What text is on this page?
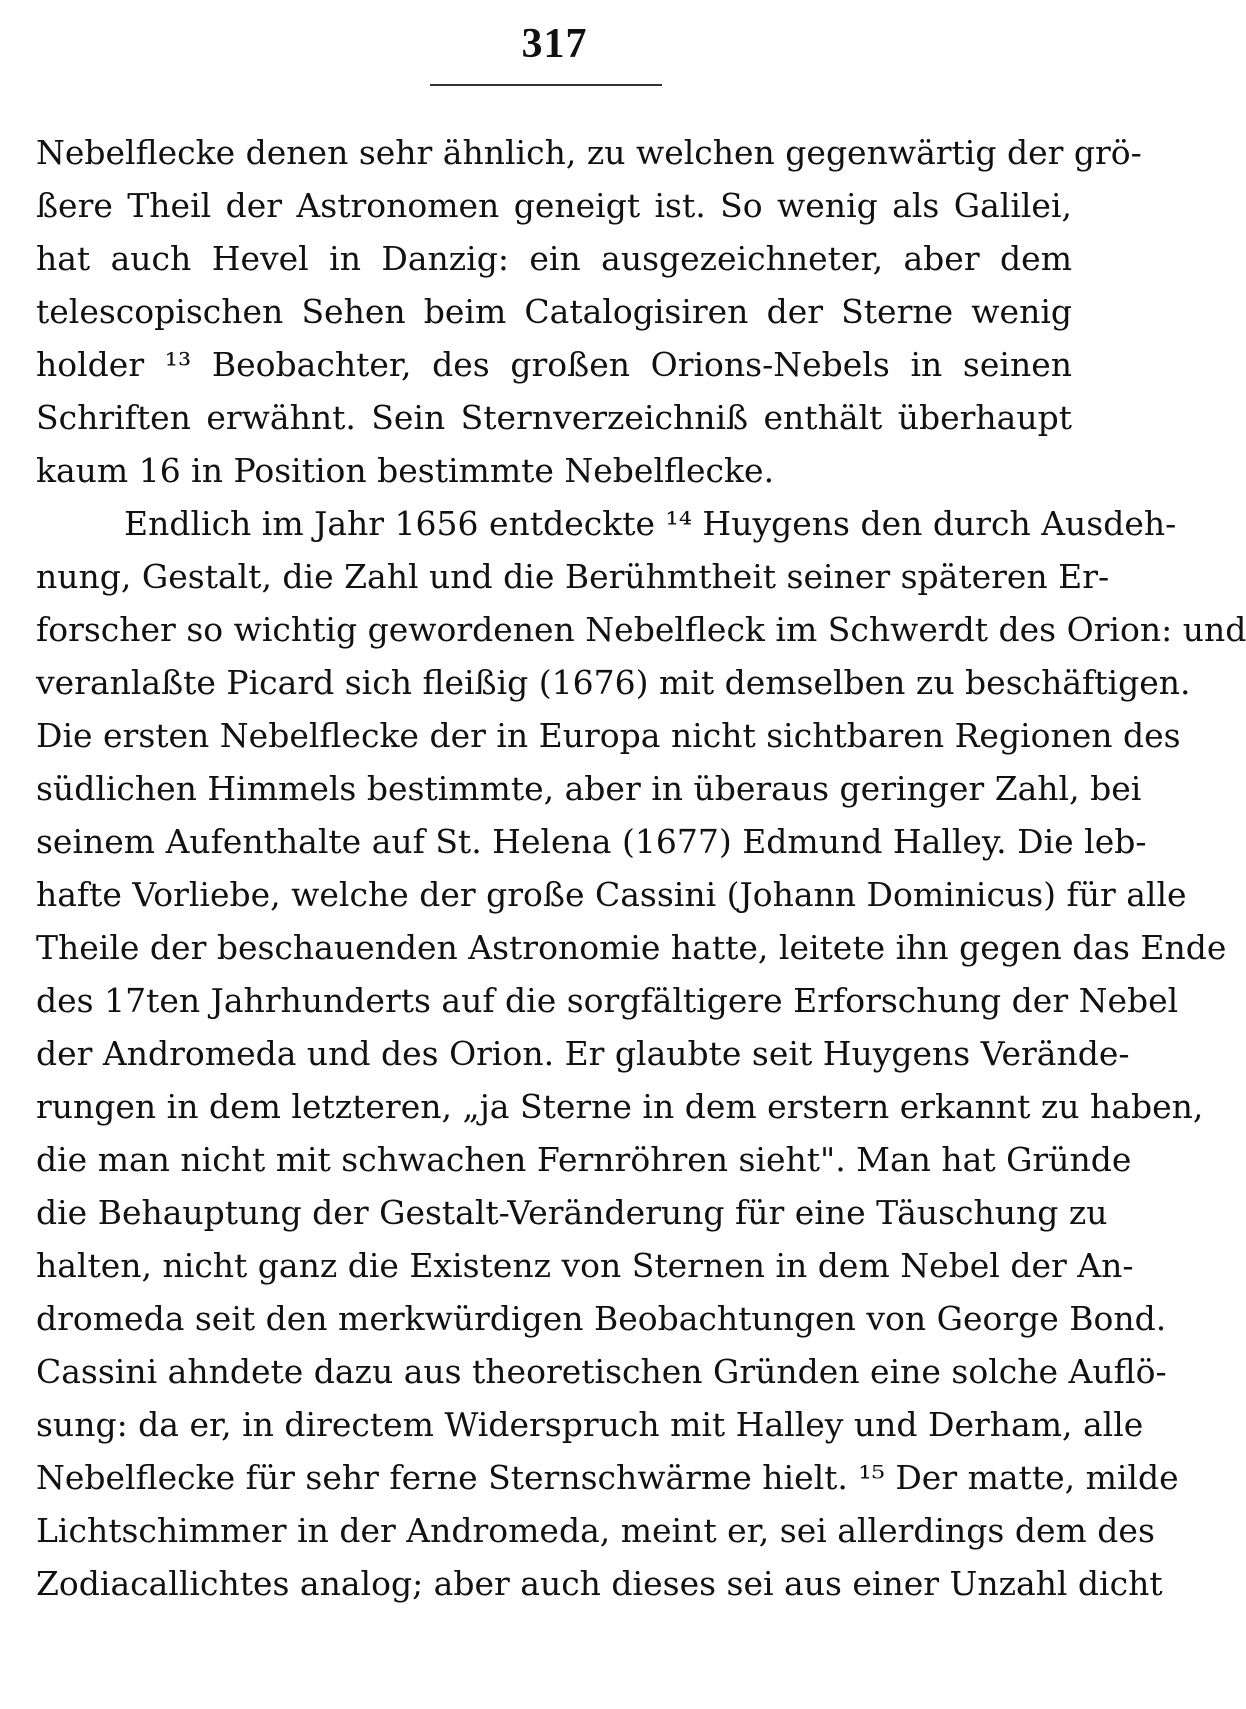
317
Nebelflecke denen sehr ähnlich, zu welchen gegenwärtig der grö-
ßere Theil der Astronomen geneigt ist. So wenig als Galilei,
hat auch Hevel in Danzig: ein ausgezeichneter, aber dem
telescopischen Sehen beim Catalogisiren der Sterne wenig
holder ¹³ Beobachter, des großen Orions-Nebels in seinen
Schriften erwähnt. Sein Sternverzeichniß enthält überhaupt
kaum 16 in Position bestimmte Nebelflecke.
Endlich im Jahr 1656 entdeckte ¹⁴ Huygens den durch Ausdeh-
nung, Gestalt, die Zahl und die Berühmtheit seiner späteren Er-
forscher so wichtig gewordenen Nebelfleck im Schwerdt des Orion: und
veranlaßte Picard sich fleißig (1676) mit demselben zu beschäftigen.
Die ersten Nebelflecke der in Europa nicht sichtbaren Regionen des
südlichen Himmels bestimmte, aber in überaus geringer Zahl, bei
seinem Aufenthalte auf St. Helena (1677) Edmund Halley. Die leb-
hafte Vorliebe, welche der große Cassini (Johann Dominicus) für alle
Theile der beschauenden Astronomie hatte, leitete ihn gegen das Ende
des 17ten Jahrhunderts auf die sorgfältigere Erforschung der Nebel
der Andromeda und des Orion. Er glaubte seit Huygens Verände-
rungen in dem letzteren, „ja Sterne in dem erstern erkannt zu haben,
die man nicht mit schwachen Fernröhren sieht". Man hat Gründe
die Behauptung der Gestalt-Veränderung für eine Täuschung zu
halten, nicht ganz die Existenz von Sternen in dem Nebel der An-
dromeda seit den merkwürdigen Beobachtungen von George Bond.
Cassini ahndete dazu aus theoretischen Gründen eine solche Auflö-
sung: da er, in directem Widerspruch mit Halley und Derham, alle
Nebelflecke für sehr ferne Sternschwärme hielt. ¹⁵ Der matte, milde
Lichtschimmer in der Andromeda, meint er, sei allerdings dem des
Zodiacallichtes analog; aber auch dieses sei aus einer Unzahl dicht
